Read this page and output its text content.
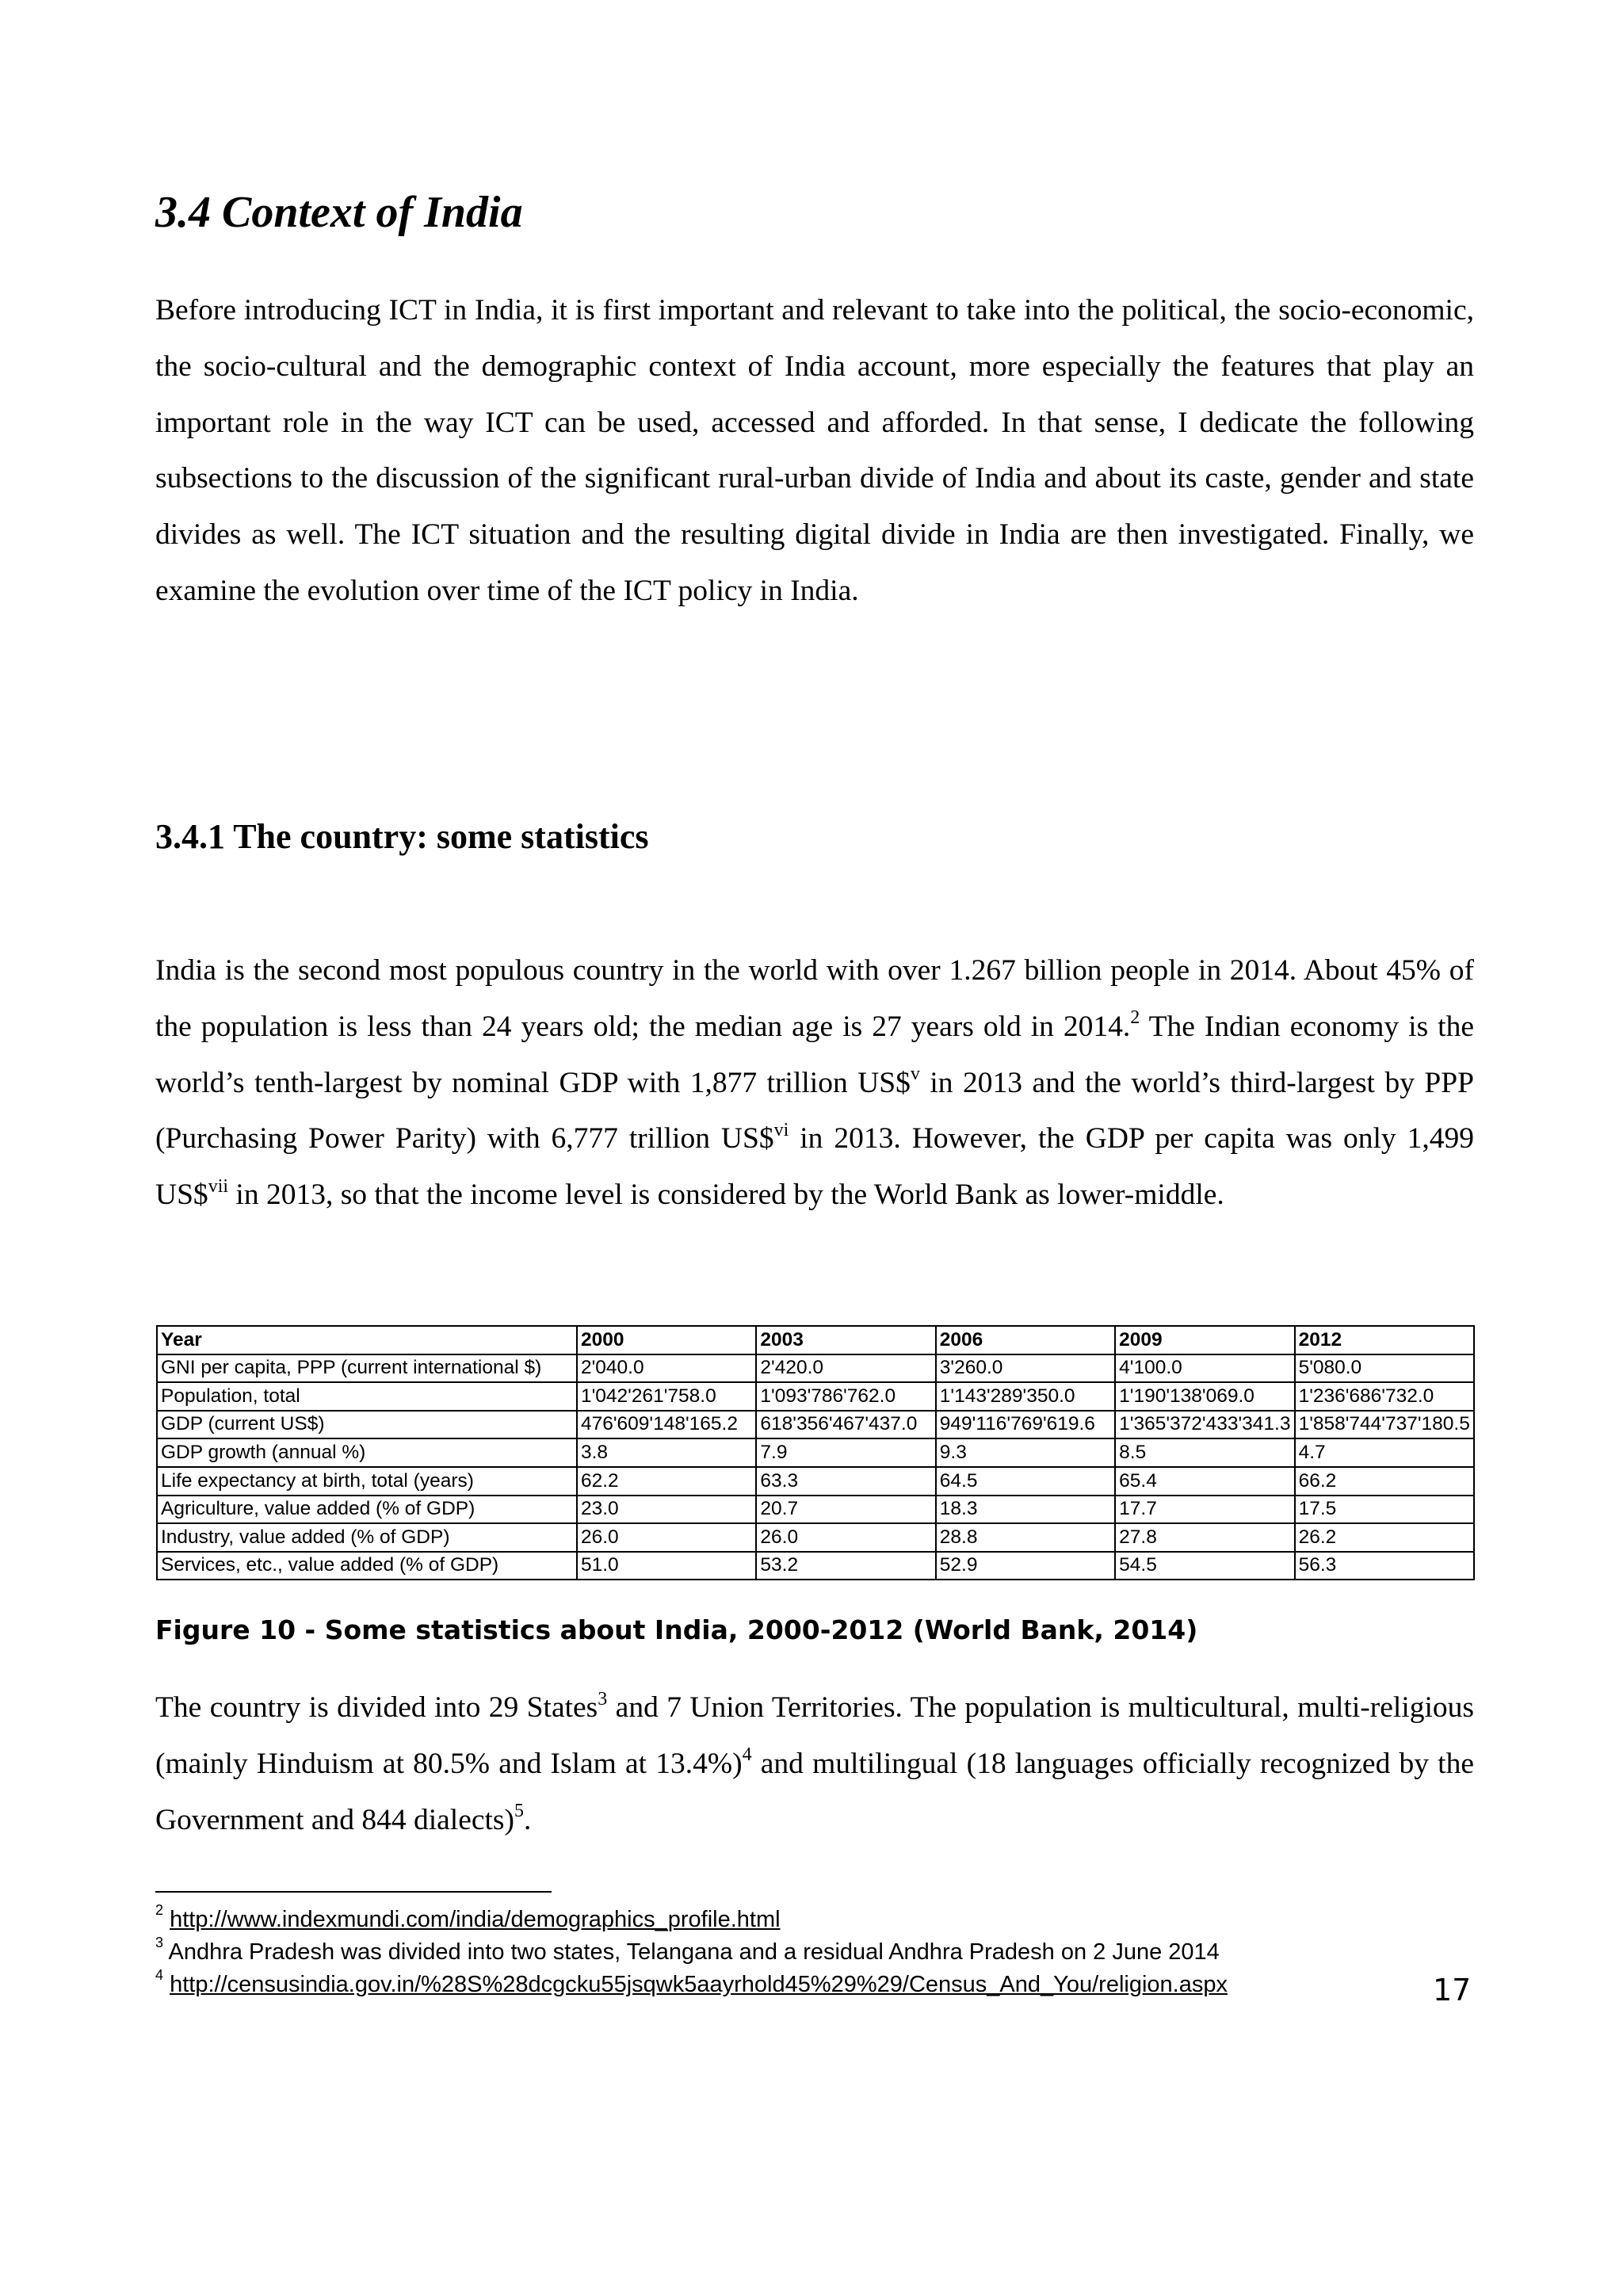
3.4 Context of India

Before introducing ICT in India, it is first important and relevant to take into the political, the socio-economic, the socio-cultural and the demographic context of India account, more especially the features that play an important role in the way ICT can be used, accessed and afforded. In that sense, I dedicate the following subsections to the discussion of the significant rural-urban divide of India and about its caste, gender and state divides as well. The ICT situation and the resulting digital divide in India are then investigated. Finally, we examine the evolution over time of the ICT policy in India.

3.4.1 The country: some statistics

India is the second most populous country in the world with over 1.267 billion people in 2014. About 45% of the population is less than 24 years old; the median age is 27 years old in 2014.$^2$ The Indian economy is the world’s tenth-largest by nominal GDP with 1,877 trillion US\$$^v$ in 2013 and the world’s third-largest by PPP (Purchasing Power Parity) with 6,777 trillion US\$$^{vi}$ in 2013. However, the GDP per capita was only 1,499 US\$$^{vii}$ in 2013, so that the income level is considered by the World Bank as lower-middle.

Year	2000	2003	2006	2009	2012
GNI per capita, PPP (current international $)	2'040.0	2'420.0	3'260.0	4'100.0	5'080.0
Population, total	1'042'261'758.0	1'093'786'762.0	1'143'289'350.0	1'190'138'069.0	1'236'686'732.0
GDP (current US$)	476'609'148'165.2	618'356'467'437.0	949'116'769'619.6	1'365'372'433'341.3	1'858'744'737'180.5
GDP growth (annual %)	3.8	7.9	9.3	8.5	4.7
Life expectancy at birth, total (years)	62.2	63.3	64.5	65.4	66.2
Agriculture, value added (% of GDP)	23.0	20.7	18.3	17.7	17.5
Industry, value added (% of GDP)	26.0	26.0	28.8	27.8	26.2
Services, etc., value added (% of GDP)	51.0	53.2	52.9	54.5	56.3

Figure 10 - Some statistics about India, 2000-2012 (World Bank, 2014)

The country is divided into 29 States$^3$ and 7 Union Territories. The population is multicultural, multi-religious (mainly Hinduism at 80.5% and Islam at 13.4%)$^4$ and multilingual (18 languages officially recognized by the Government and 844 dialects)$^5$.

$^2$ http://www.indexmundi.com/india/demographics_profile.html
$^3$ Andhra Pradesh was divided into two states, Telangana and a residual Andhra Pradesh on 2 June 2014
$^4$ http://censusindia.gov.in/%28S%28dcgcku55jsqwk5aayrhold45%29%29/Census_And_You/religion.aspx	17
